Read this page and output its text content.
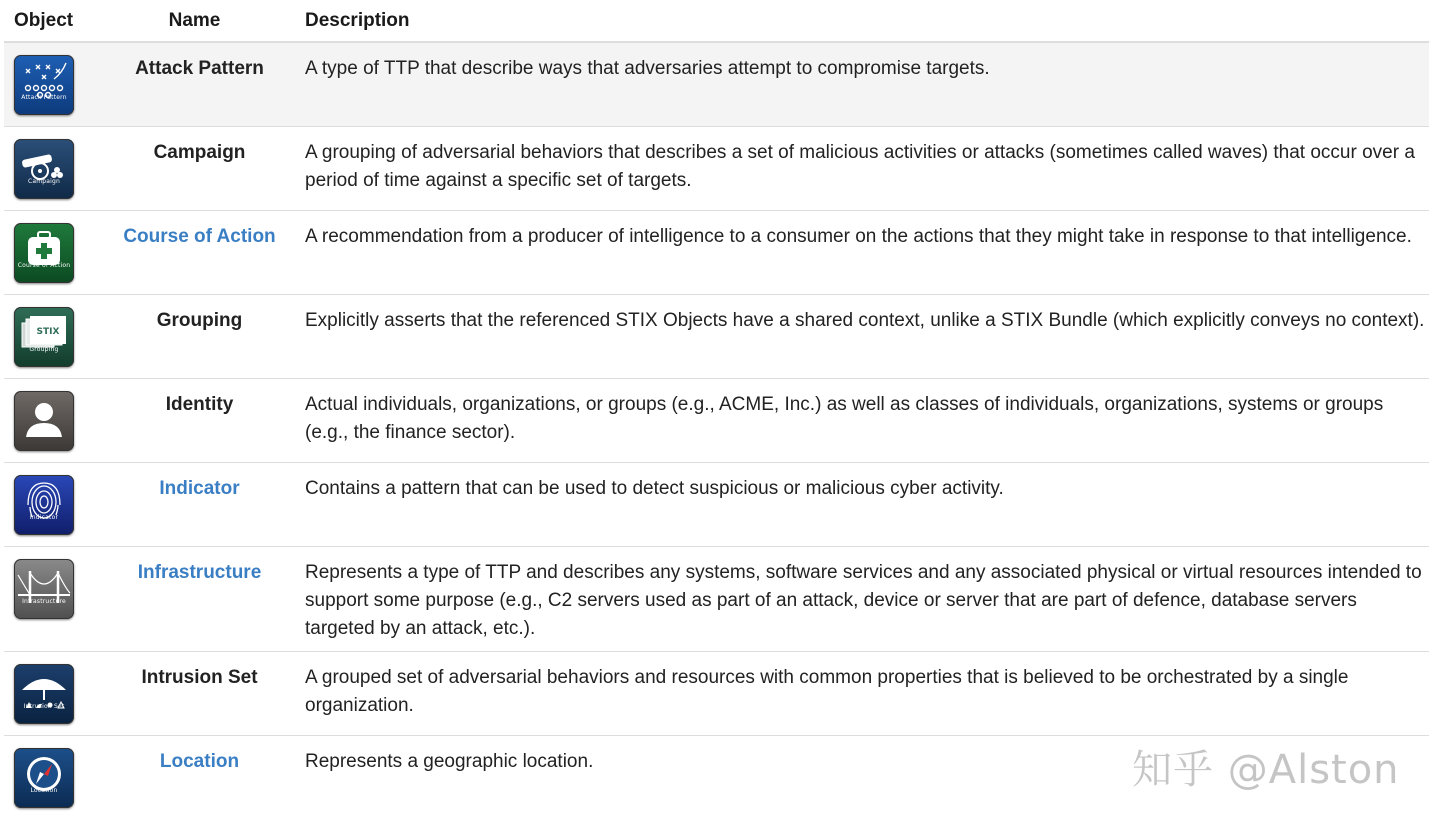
Object	Name	Description

Attack Pattern	Attack Pattern	A type of TTP that describe ways that adversaries attempt to compromise targets.

Campaign	Campaign	A grouping of adversarial behaviors that describes a set of malicious activities or attacks (sometimes called waves) that occur over a period of time against a specific set of targets.

Course of Action	Course of Action	A recommendation from a producer of intelligence to a consumer on the actions that they might take in response to that intelligence.

STIX
Grouping	Grouping	Explicitly asserts that the referenced STIX Objects have a shared context, unlike a STIX Bundle (which explicitly conveys no context).

Identity	Identity	Actual individuals, organizations, or groups (e.g., ACME, Inc.) as well as classes of individuals, organizations, systems or groups (e.g., the finance sector).

Indicator	Indicator	Contains a pattern that can be used to detect suspicious or malicious cyber activity.

Infrastructure	Infrastructure	Represents a type of TTP and describes any systems, software services and any associated physical or virtual resources intended to support some purpose (e.g., C2 servers used as part of an attack, device or server that are part of defence, database servers targeted by an attack, etc.).

Intrusion Set	Intrusion Set	A grouped set of adversarial behaviors and resources with common properties that is believed to be orchestrated by a single organization.

Location	Location	Represents a geographic location.	知乎 @Alston
